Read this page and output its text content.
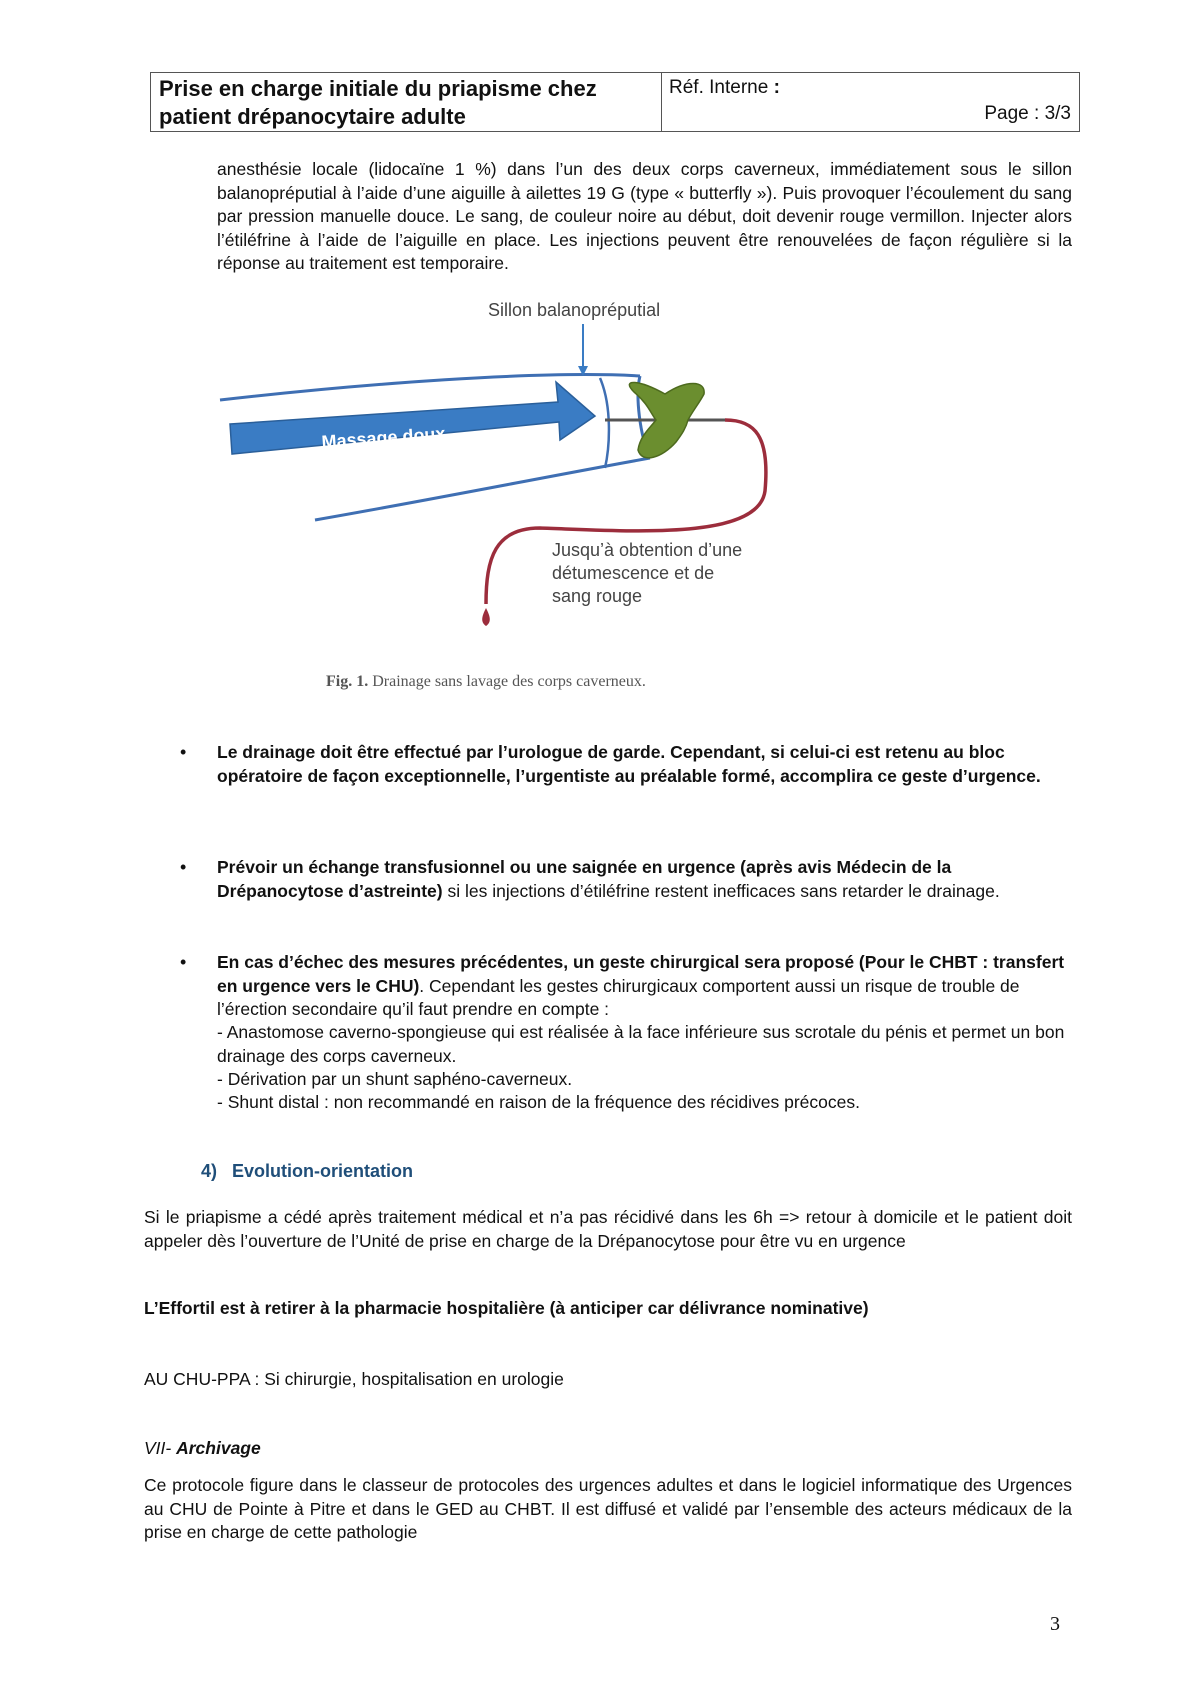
Prise en charge initiale du priapisme chez patient drépanocytaire adulte
Réf. Interne :
Page : 3/3

anesthésie locale (lidocaïne 1 %) dans l’un des deux corps caverneux, immédiatement sous le sillon balanopréputial à l’aide d’une aiguille à ailettes 19 G (type « butterfly »). Puis provoquer l’écoulement du sang par pression manuelle douce. Le sang, de couleur noire au début, doit devenir rouge vermillon. Injecter alors l’étiléfrine à l’aide de l’aiguille en place. Les injections peuvent être renouvelées de façon régulière si la réponse au traitement est temporaire.

Massage doux
Sillon balanopréputial
Jusqu’à obtention d’une
détumescence et de
sang rouge
Fig. 1. Drainage sans lavage des corps caverneux.
• Le drainage doit être effectué par l’urologue de garde. Cependant, si celui-ci est retenu au bloc opératoire de façon exceptionnelle, l’urgentiste au préalable formé, accomplira ce geste d’urgence.

• Prévoir un échange transfusionnel ou une saignée en urgence (après avis Médecin de la Drépanocytose d’astreinte) si les injections d’étiléfrine restent inefficaces sans retarder le drainage.

• En cas d’échec des mesures précédentes, un geste chirurgical sera proposé (Pour le CHBT : transfert en urgence vers le CHU). Cependant les gestes chirurgicaux comportent aussi un risque de trouble de l’érection secondaire qu’il faut prendre en compte :

- Anastomose caverno-spongieuse qui est réalisée à la face inférieure sus scrotale du pénis et permet un bon drainage des corps caverneux.

- Dérivation par un shunt saphéno-caverneux.

- Shunt distal : non recommandé en raison de la fréquence des récidives précoces.

4) Evolution-orientation

Si le priapisme a cédé après traitement médical et n’a pas récidivé dans les 6h => retour à domicile et le patient doit appeler dès l’ouverture de l’Unité de prise en charge de la Drépanocytose pour être vu en urgence

L’Effortil est à retirer à la pharmacie hospitalière (à anticiper car délivrance nominative)

AU CHU-PPA : Si chirurgie, hospitalisation en urologie

VII- Archivage

Ce protocole figure dans le classeur de protocoles des urgences adultes et dans le logiciel informatique des Urgences au CHU de Pointe à Pitre et dans le GED au CHBT. Il est diffusé et validé par l’ensemble des acteurs médicaux de la prise en charge de cette pathologie

3
